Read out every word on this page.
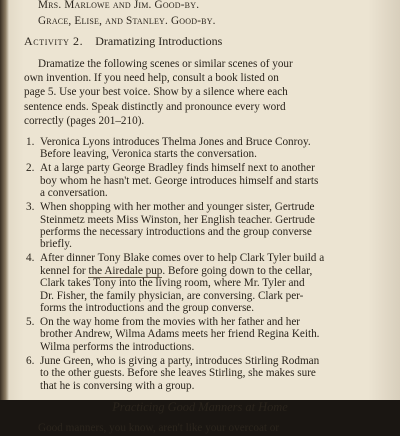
Mrs. Marlowe and Jim. Good-by.
Grace, Elise, and Stanley. Good-by.
Activity 2. Dramatizing Introductions
Dramatize the following scenes or similar scenes of your
own invention. If you need help, consult a book listed on
page 5. Use your best voice. Show by a silence where each
sentence ends. Speak distinctly and pronounce every word
correctly (pages 201–210).
1. Veronica Lyons introduces Thelma Jones and Bruce Conroy.
Before leaving, Veronica starts the conversation.
2. At a large party George Bradley finds himself next to another
boy whom he hasn't met. George introduces himself and starts
a conversation.
3. When shopping with her mother and younger sister, Gertrude
Steinmetz meets Miss Winston, her English teacher. Gertrude
performs the necessary introductions and the group converse
briefly.
4. After dinner Tony Blake comes over to help Clark Tyler build a
kennel for the Airedale pup. Before going down to the cellar,
Clark takes Tony into the living room, where Mr. Tyler and
Dr. Fisher, the family physician, are conversing. Clark per-
forms the introductions and the group converse.
5. On the way home from the movies with her father and her
brother Andrew, Wilma Adams meets her friend Regina Keith.
Wilma performs the introductions.
6. June Green, who is giving a party, introduces Stirling Rodman
to the other guests. Before she leaves Stirling, she makes sure
that he is conversing with a group.
Practicing Good Manners at Home
Good manners, you know, aren't like your overcoat or
